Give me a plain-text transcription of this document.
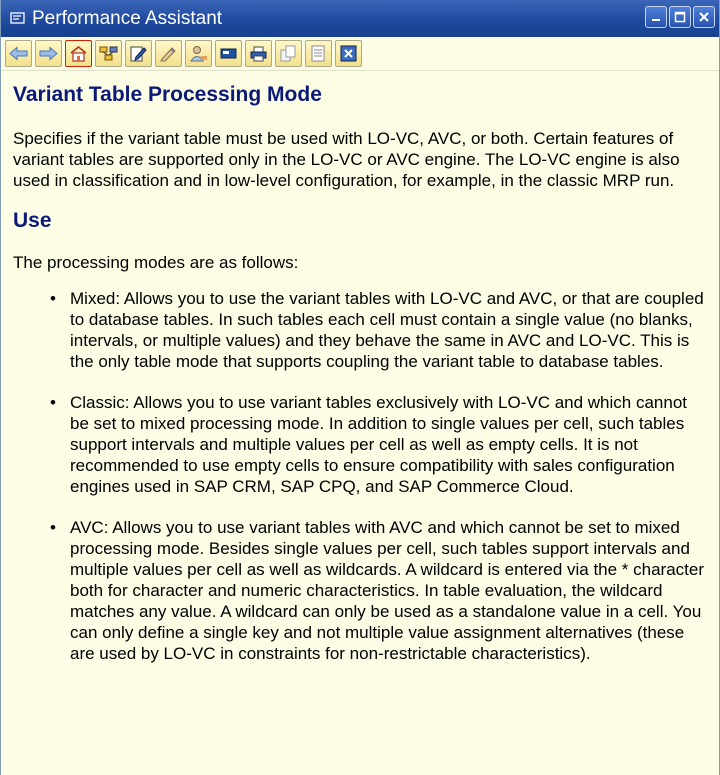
Performance Assistant
Variant Table Processing Mode

Specifies if the variant table must be used with LO-VC, AVC, or both. Certain features of variant tables are supported only in the LO-VC or AVC engine. The LO-VC engine is also used in classification and in low-level configuration, for example, in the classic MRP run.

Use

The processing modes are as follows:

• Mixed: Allows you to use the variant tables with LO-VC and AVC, or that are coupled to database tables. In such tables each cell must contain a single value (no blanks, intervals, or multiple values) and they behave the same in AVC and LO-VC. This is the only table mode that supports coupling the variant table to database tables.
• Classic: Allows you to use variant tables exclusively with LO-VC and which cannot be set to mixed processing mode. In addition to single values per cell, such tables support intervals and multiple values per cell as well as empty cells. It is not recommended to use empty cells to ensure compatibility with sales configuration engines used in SAP CRM, SAP CPQ, and SAP Commerce Cloud.
• AVC: Allows you to use variant tables with AVC and which cannot be set to mixed processing mode. Besides single values per cell, such tables support intervals and multiple values per cell as well as wildcards. A wildcard is entered via the * character both for character and numeric characteristics. In table evaluation, the wildcard matches any value. A wildcard can only be used as a standalone value in a cell. You can only define a single key and not multiple value assignment alternatives (these are used by LO-VC in constraints for non-restrictable characteristics).
